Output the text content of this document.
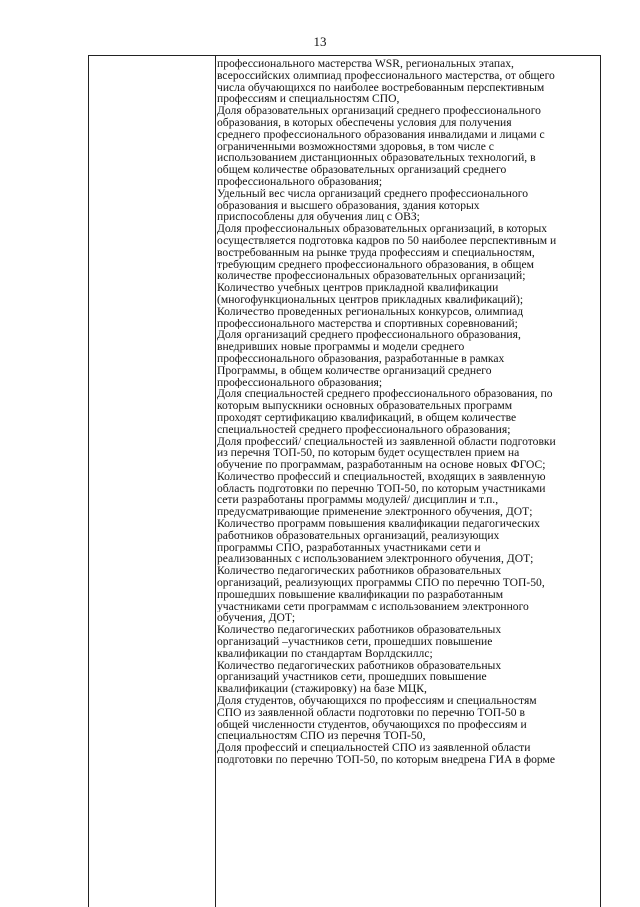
13
профессионального мастерства WSR, региональных этапах,
всероссийских олимпиад профессионального мастерства, от общего
числа обучающихся по наиболее востребованным перспективным
профессиям и специальностям СПО,
Доля образовательных организаций среднего профессионального
образования, в которых обеспечены условия для получения
среднего профессионального образования инвалидами и лицами с
ограниченными возможностями здоровья, в том числе с
использованием дистанционных образовательных технологий, в
общем количестве образовательных организаций среднего
профессионального образования;
Удельный вес числа организаций среднего профессионального
образования и высшего образования, здания которых
приспособлены для обучения лиц с ОВЗ;
Доля профессиональных образовательных организаций, в которых
осуществляется подготовка кадров по 50 наиболее перспективным и
востребованным на рынке труда профессиям и специальностям,
требующим среднего профессионального образования, в общем
количестве профессиональных образовательных организаций;
Количество учебных центров прикладной квалификации
(многофункциональных центров прикладных квалификаций);
Количество проведенных региональных конкурсов, олимпиад
профессионального мастерства и спортивных соревнований;
Доля организаций среднего профессионального образования,
внедривших новые программы и модели среднего
профессионального образования, разработанные в рамках
Программы, в общем количестве организаций среднего
профессионального образования;
Доля специальностей среднего профессионального образования, по
которым выпускники основных образовательных программ
проходят сертификацию квалификаций, в общем количестве
специальностей среднего профессионального образования;
Доля профессий/ специальностей из заявленной области подготовки
из перечня ТОП-50, по которым будет осуществлен прием на
обучение по программам, разработанным на основе новых ФГОС;
Количество профессий и специальностей, входящих в заявленную
область подготовки по перечню ТОП-50, по которым участниками
сети разработаны программы модулей/ дисциплин и т.п.,
предусматривающие применение электронного обучения, ДОТ;
Количество программ повышения квалификации педагогических
работников образовательных организаций, реализующих
программы СПО, разработанных участниками сети и
реализованных с использованием электронного обучения, ДОТ;
Количество педагогических работников образовательных
организаций, реализующих программы СПО по перечню ТОП-50,
прошедших повышение квалификации по разработанным
участниками сети программам с использованием электронного
обучения, ДОТ;
Количество педагогических работников образовательных
организаций –участников сети, прошедших повышение
квалификации по стандартам Ворлдскиллс;
Количество педагогических работников образовательных
организаций участников сети, прошедших повышение
квалификации (стажировку) на базе МЦК,
Доля студентов, обучающихся по профессиям и специальностям
СПО из заявленной области подготовки по перечню ТОП-50 в
общей численности студентов, обучающихся по профессиям и
специальностям СПО из перечня ТОП-50,
Доля профессий и специальностей СПО из заявленной области
подготовки по перечню ТОП-50, по которым внедрена ГИА в форме
